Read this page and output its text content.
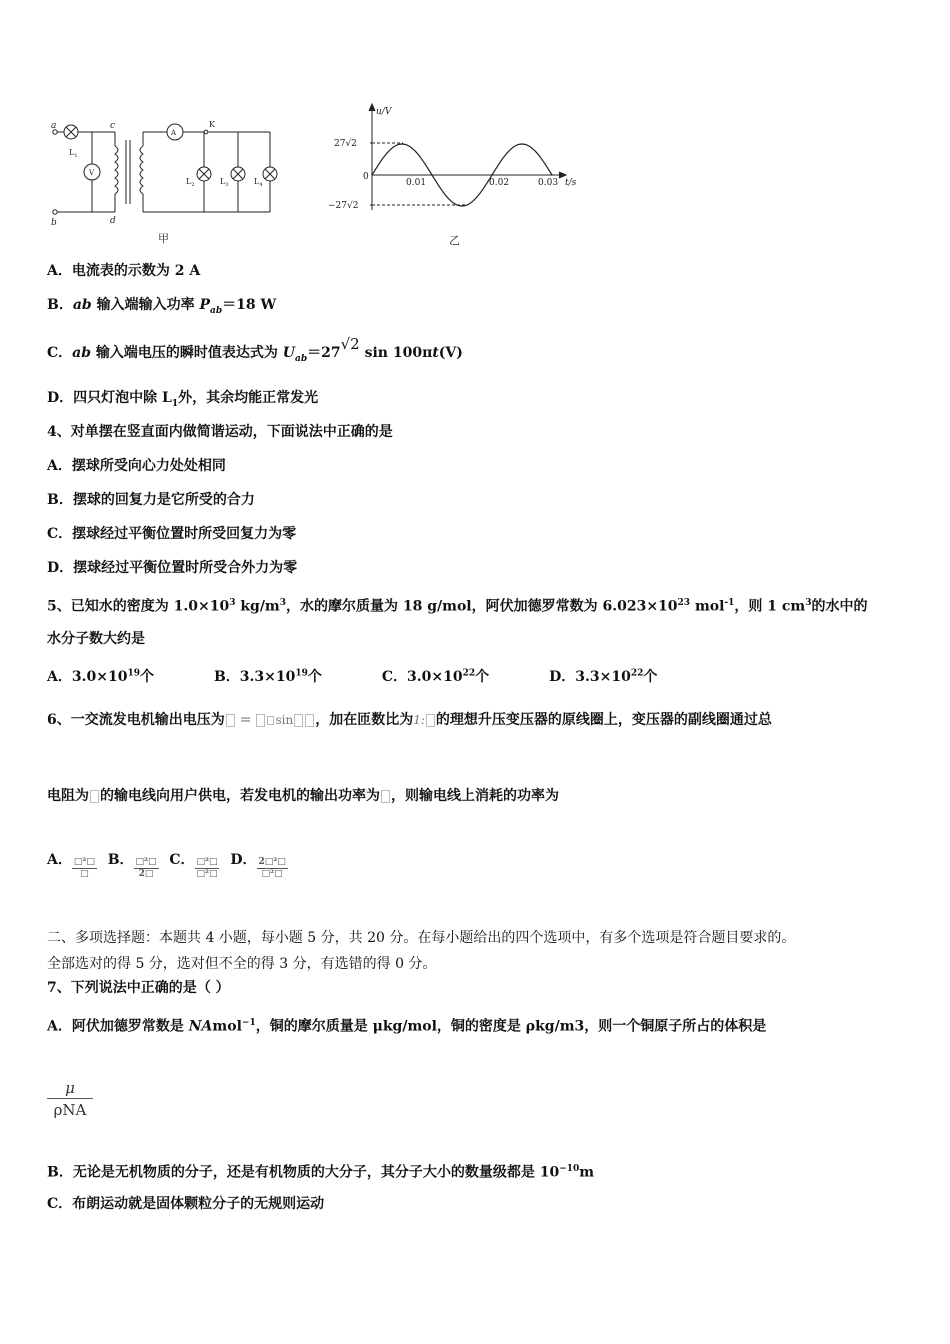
a
b
c
d
K
A
V
$L_1$
$L_2$	$L_3$	$L_4$
甲
u/V
t/s
27√2
−27√2
0
0.01	0.02	0.03
乙
A．电流表的示数为 2 A
B．ab 输入端输入功率 $P_{ab}=18$ W
C．ab 输入端电压的瞬时值表达式为 $U_{ab}=27√2$ sin 100πt(V)
D．四只灯泡中除 $L_1$外，其余均能正常发光
4、对单摆在竖直面内做简谐运动，下面说法中正确的是
A．摆球所受向心力处处相同
B．摆球的回复力是它所受的合力
C．摆球经过平衡位置时所受回复力为零
D．摆球经过平衡位置时所受合外力为零
5、已知水的密度为 $1.0\times 10^3$ $kg/m^3$，水的摩尔质量为 18 g/mol，阿伏加德罗常数为 $6.023\times 10^{23}$ mol$^{-1}$，则 1 $cm^3$的水中的
水分子数大约是
A．$3.0\times 10^{19}$个	B．$3.3\times 10^{19}$个	C．$3.0\times 10^{22}$个	D．$3.3\times 10^{22}$个
6、一交流发电机输出电压为 = sin ，加在匝数比为1: 的理想升压变压器的原线圈上，变压器的副线圈通过总
电阻为 的输电线向用户供电，若发电机的输出功率为 ，则输电线上消耗的功率为
A． $\frac{\text{□²□}}{□}$ B． $\frac{\text{□²□}}{2□}$ C． $\frac{\text{□²□}}{\text{□²□}}$ D． $\frac{\text{2□²□}}{\text{□²□}}$
二、多项选择题：本题共 4 小题，每小题 5 分，共 20 分。在每小题给出的四个选项中，有多个选项是符合题目要求的。
全部选对的得 5 分，选对但不全的得 3 分，有选错的得 0 分。
7、下列说法中正确的是（ ）
A．阿伏加德罗常数是 NAmol$^{-1}$，铜的摩尔质量是 μkg/mol，铜的密度是 ρkg/m3，则一个铜原子所占的体积是
μ
ρNA
B．无论是无机物质的分子，还是有机物质的大分子，其分子大小的数量级都是 $10^{-10}m$
C．布朗运动就是固体颗粒分子的无规则运动
